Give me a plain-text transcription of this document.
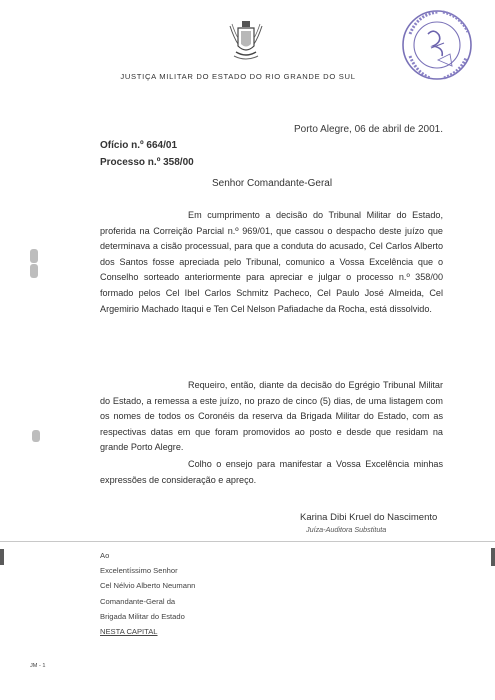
JUSTIÇA MILITAR DO ESTADO DO RIO GRANDE DO SUL
Porto Alegre, 06 de abril de 2001.
Ofício n.º 664/01
Processo n.º 358/00
Senhor Comandante-Geral

Em cumprimento a decisão do Tribunal Militar do Estado, proferida na Correição Parcial n.º 969/01, que cassou o despacho deste juízo que determinava a cisão processual, para que a conduta do acusado, Cel Carlos Alberto dos Santos fosse apreciada pelo Tribunal, comunico a Vossa Excelência que o Conselho sorteado anteriormente para apreciar e julgar o processo n.º 358/00 formado pelos Cel Ibel Carlos Schmitz Pacheco, Cel Paulo José Almeida, Cel Argemirio Machado Itaqui e Ten Cel Nelson Pafiadache da Rocha, está dissolvido.

Requeiro, então, diante da decisão do Egrégio Tribunal Militar do Estado, a remessa a este juízo, no prazo de cinco (5) dias, de uma listagem com os nomes de todos os Coronéis da reserva da Brigada Militar do Estado, com as respectivas datas em que foram promovidos ao posto e desde que residam na grande Porto Alegre.

Colho o ensejo para manifestar a Vossa Excelência minhas expressões de consideração e apreço.

Karina Dibi Kruel do Nascimento
Juíza-Auditora Substituta
Ao
Excelentíssimo Senhor
Cel Nélvio Alberto Neumann
Comandante-Geral da
Brigada Militar do Estado
NESTA CAPITAL
JM - 1
